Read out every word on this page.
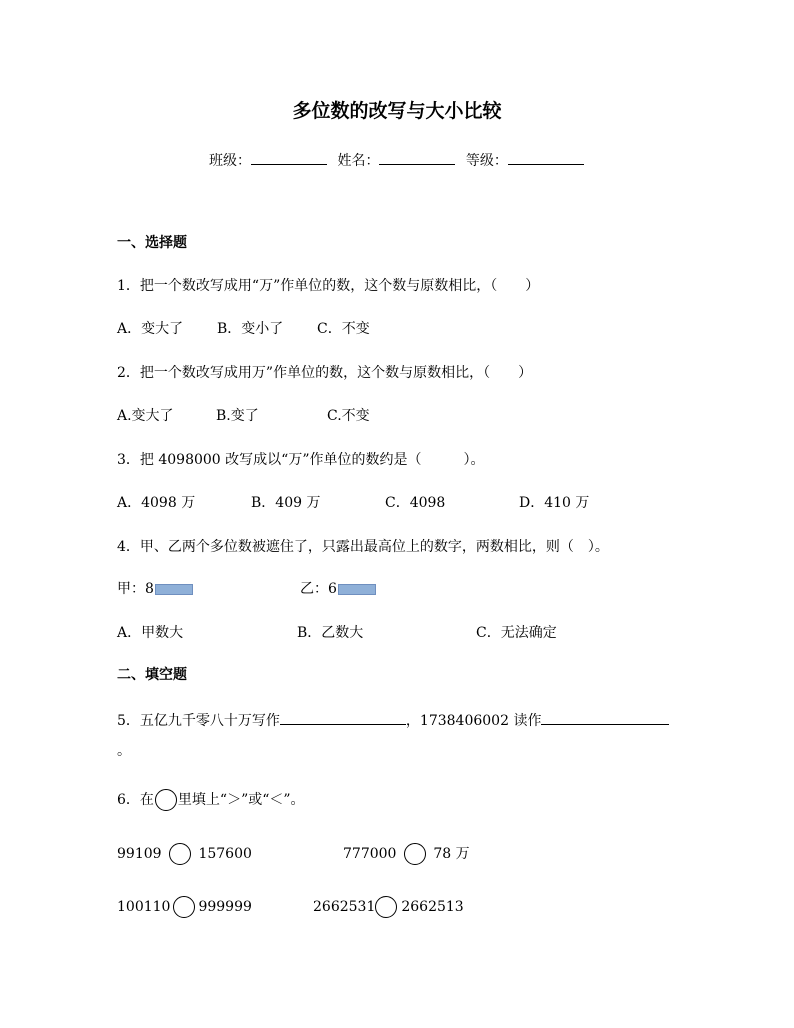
多位数的改写与大小比较
班级：	姓名：	等级：
一、选择题
1．把一个数改写成用“万”作单位的数，这个数与原数相比，（　　）
A．变大了 B．变小了 C．不变
2．把一个数改写成用万”作单位的数，这个数与原数相比，（　　）
A.变大了	B.变了	C.不变
3．把 4098000 改写成以“万”作单位的数约是（　　　）。
A．4098 万	B．409 万	C．4098	D．410 万
4．甲、乙两个多位数被遮住了，只露出最高位上的数字，两数相比，则（　）。
甲：8	乙：6
A．甲数大	B．乙数大	C．无法确定
二、填空题
5．五亿九千零八十万写作	，1738406002 读作
。
6．在 里填上“＞”或“＜”。
99109	157600	777000	78 万
100110 999999	2662531 2662513
